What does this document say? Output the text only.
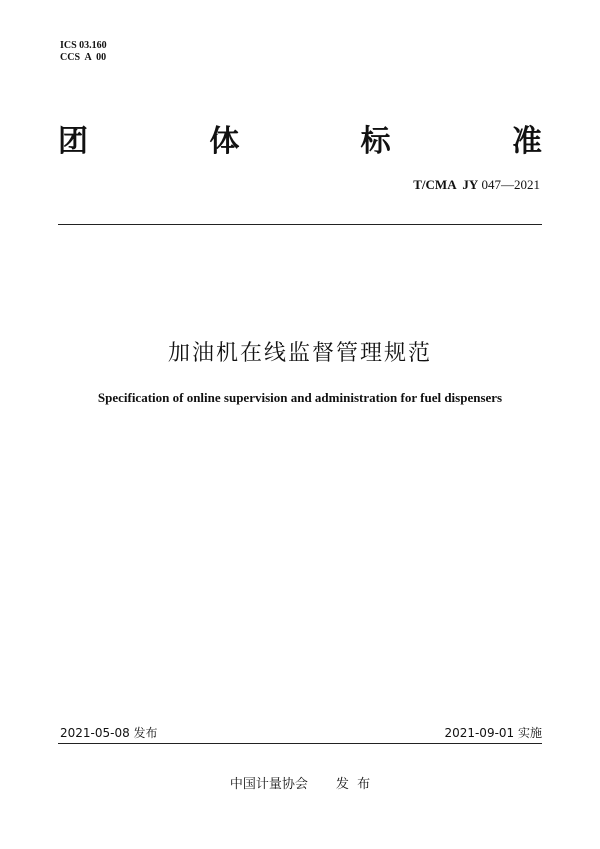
ICS 03.160
CCS  A  00
团	体	标	准
T/CMA  JY 047—2021
加油机在线监督管理规范
Specification of online supervision and administration for fuel dispensers
2021-05-08 发布	2021-09-01 实施
中国计量协会 发  布
